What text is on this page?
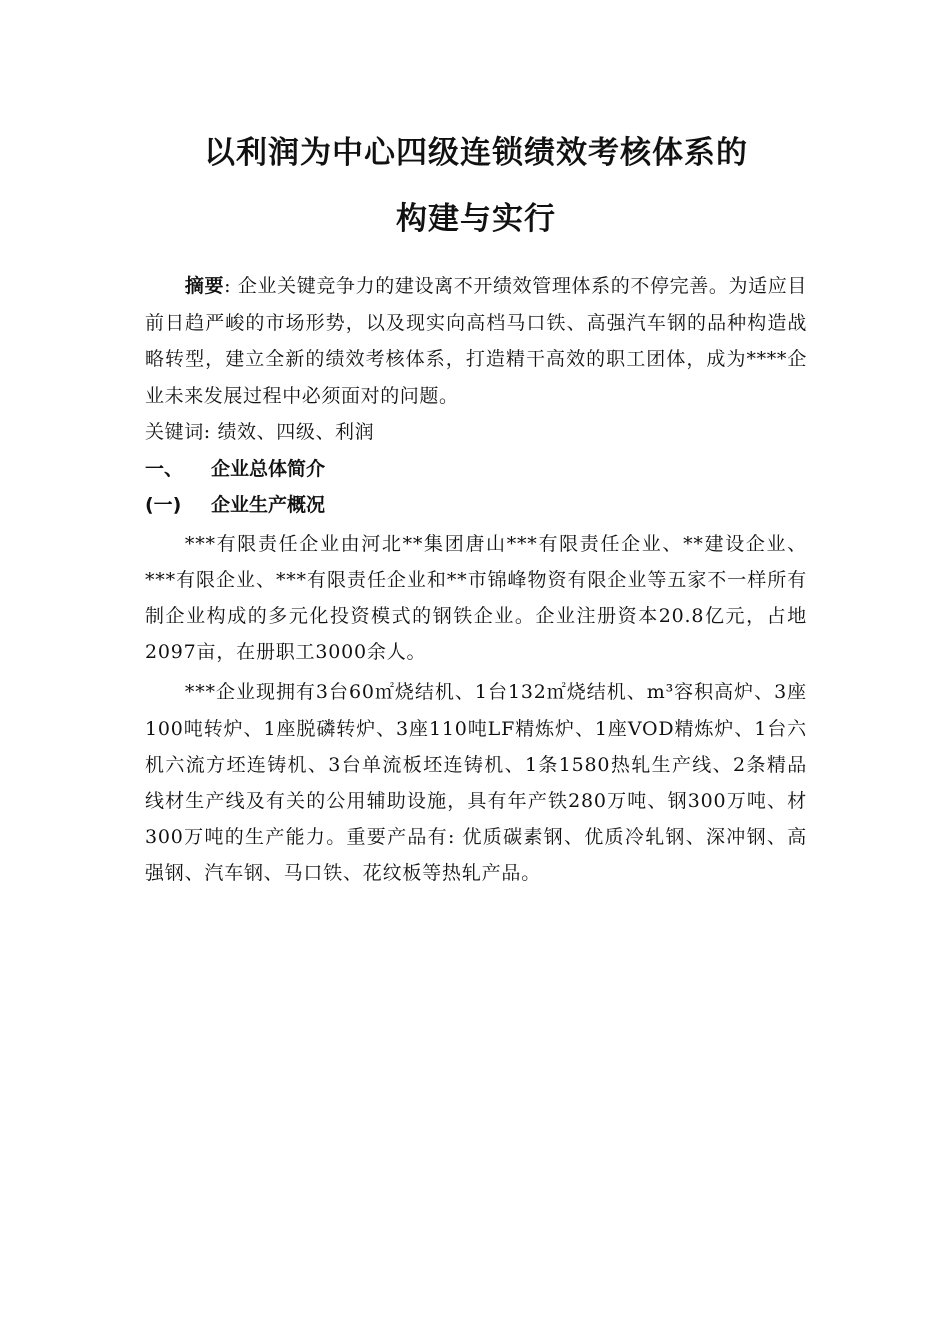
以利润为中心四级连锁绩效考核体系的
构建与实行

摘要: 企业关键竞争力的建设离不开绩效管理体系的不停完善。为适应目前日趋严峻的市场形势，以及现实向高档马口铁、高强汽车钢的品种构造战略转型，建立全新的绩效考核体系，打造精干高效的职工团体，成为****企业未来发展过程中必须面对的问题。

关键词: 绩效、四级、利润

一、 企业总体简介
(一) 企业生产概况

***有限责任企业由河北**集团唐山***有限责任企业、**建设企业、***有限企业、***有限责任企业和**市锦峰物资有限企业等五家不一样所有制企业构成的多元化投资模式的钢铁企业。企业注册资本20.8亿元，占地2097亩，在册职工3000余人。

***企业现拥有3台60㎡烧结机、1台132㎡烧结机、m³容积高炉、3座100吨转炉、1座脱磷转炉、3座110吨LF精炼炉、1座VOD精炼炉、1台六机六流方坯连铸机、3台单流板坯连铸机、1条1580热轧生产线、2条精品线材生产线及有关的公用辅助设施，具有年产铁280万吨、钢300万吨、材300万吨的生产能力。重要产品有: 优质碳素钢、优质冷轧钢、深冲钢、高强钢、汽车钢、马口铁、花纹板等热轧产品。
